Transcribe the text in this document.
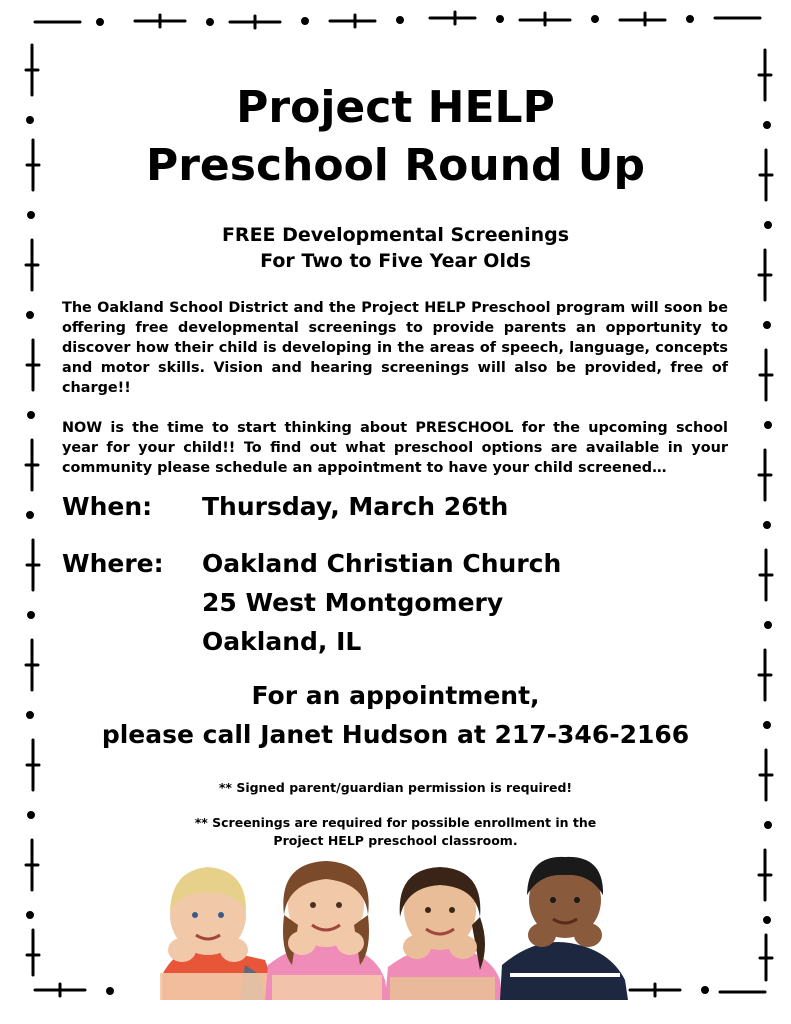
Project HELP
Preschool Round Up
FREE Developmental Screenings
For Two to Five Year Olds
The Oakland School District and the Project HELP Preschool program will soon be offering free developmental screenings to provide parents an opportunity to discover how their child is developing in the areas of speech, language, concepts and motor skills. Vision and hearing screenings will also be provided, free of charge!!
NOW is the time to start thinking about PRESCHOOL for the upcoming school year for your child!! To find out what preschool options are available in your community please schedule an appointment to have your child screened…
When: Thursday, March 26th
Where: Oakland Christian Church
25 West Montgomery
Oakland, IL
For an appointment,
please call Janet Hudson at 217-346-2166
** Signed parent/guardian permission is required!
** Screenings are required for possible enrollment in the
Project HELP preschool classroom.
